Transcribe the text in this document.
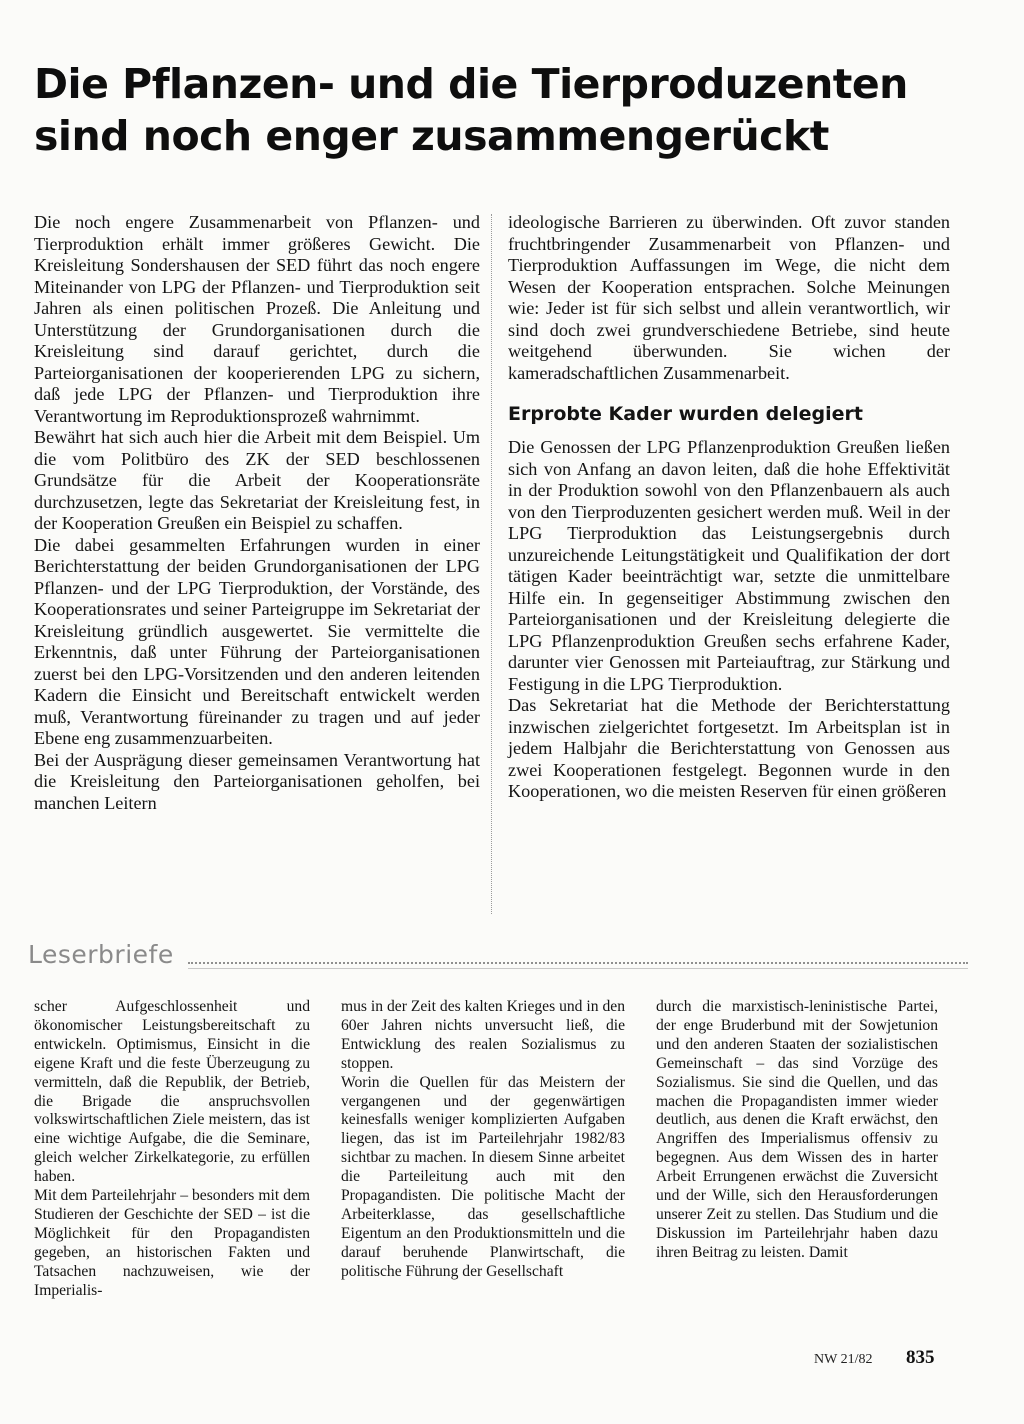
Die Pflanzen- und die Tierproduzenten
sind noch enger zusammengerückt

Die noch engere Zusammenarbeit von Pflanzen- und Tierproduktion erhält immer größeres Gewicht. Die Kreisleitung Sondershausen der SED führt das noch engere Miteinander von LPG der Pflanzen- und Tierproduktion seit Jahren als einen politischen Prozeß. Die Anleitung und Unterstützung der Grundorganisationen durch die Kreisleitung sind darauf gerichtet, durch die Parteiorganisationen der kooperierenden LPG zu sichern, daß jede LPG der Pflanzen- und Tierproduktion ihre Verantwortung im Reproduktionsprozeß wahrnimmt.

Bewährt hat sich auch hier die Arbeit mit dem Beispiel. Um die vom Politbüro des ZK der SED beschlossenen Grundsätze für die Arbeit der Kooperationsräte durchzusetzen, legte das Sekretariat der Kreisleitung fest, in der Kooperation Greußen ein Beispiel zu schaffen.

Die dabei gesammelten Erfahrungen wurden in einer Berichterstattung der beiden Grundorganisationen der LPG Pflanzen- und der LPG Tierproduktion, der Vorstände, des Kooperationsrates und seiner Parteigruppe im Sekretariat der Kreisleitung gründlich ausgewertet. Sie vermittelte die Erkenntnis, daß unter Führung der Parteiorganisationen zuerst bei den LPG-Vorsitzenden und den anderen leitenden Kadern die Einsicht und Bereitschaft entwickelt werden muß, Verantwortung füreinander zu tragen und auf jeder Ebene eng zusammenzuarbeiten.

Bei der Ausprägung dieser gemeinsamen Verantwortung hat die Kreisleitung den Parteiorganisationen geholfen, bei manchen Leitern

ideologische Barrieren zu überwinden. Oft zuvor standen fruchtbringender Zusammenarbeit von Pflanzen- und Tierproduktion Auffassungen im Wege, die nicht dem Wesen der Kooperation entsprachen. Solche Meinungen wie: Jeder ist für sich selbst und allein verantwortlich, wir sind doch zwei grundverschiedene Betriebe, sind heute weitgehend überwunden. Sie wichen der kameradschaftlichen Zusammenarbeit.

Erprobte Kader wurden delegiert

Die Genossen der LPG Pflanzenproduktion Greußen ließen sich von Anfang an davon leiten, daß die hohe Effektivität in der Produktion sowohl von den Pflanzenbauern als auch von den Tierproduzenten gesichert werden muß. Weil in der LPG Tierproduktion das Leistungsergebnis durch unzureichende Leitungstätigkeit und Qualifikation der dort tätigen Kader beeinträchtigt war, setzte die unmittelbare Hilfe ein. In gegenseitiger Abstimmung zwischen den Parteiorganisationen und der Kreisleitung delegierte die LPG Pflanzenproduktion Greußen sechs erfahrene Kader, darunter vier Genossen mit Parteiauftrag, zur Stärkung und Festigung in die LPG Tierproduktion.

Das Sekretariat hat die Methode der Berichterstattung inzwischen zielgerichtet fortgesetzt. Im Arbeitsplan ist in jedem Halbjahr die Berichterstattung von Genossen aus zwei Kooperationen festgelegt. Begonnen wurde in den Kooperationen, wo die meisten Reserven für einen größeren

Leserbriefe

scher Aufgeschlossenheit und ökonomischer Leistungsbereitschaft zu entwickeln. Optimismus, Einsicht in die eigene Kraft und die feste Überzeugung zu vermitteln, daß die Republik, der Betrieb, die Brigade die anspruchsvollen volkswirtschaftlichen Ziele meistern, das ist eine wichtige Aufgabe, die die Seminare, gleich welcher Zirkelkategorie, zu erfüllen haben.

Mit dem Parteilehrjahr – besonders mit dem Studieren der Geschichte der SED – ist die Möglichkeit für den Propagandisten gegeben, an historischen Fakten und Tatsachen nachzuweisen, wie der Imperialis-

mus in der Zeit des kalten Krieges und in den 60er Jahren nichts unversucht ließ, die Entwicklung des realen Sozialismus zu stoppen.

Worin die Quellen für das Meistern der vergangenen und der gegenwärtigen keinesfalls weniger komplizierten Aufgaben liegen, das ist im Parteilehrjahr 1982/83 sichtbar zu machen. In diesem Sinne arbeitet die Parteileitung auch mit den Propagandisten. Die politische Macht der Arbeiterklasse, das gesellschaftliche Eigentum an den Produktionsmitteln und die darauf beruhende Planwirtschaft, die politische Führung der Gesellschaft

durch die marxistisch-leninistische Partei, der enge Bruderbund mit der Sowjetunion und den anderen Staaten der sozialistischen Gemeinschaft – das sind Vorzüge des Sozialismus. Sie sind die Quellen, und das machen die Propagandisten immer wieder deutlich, aus denen die Kraft erwächst, den Angriffen des Imperialismus offensiv zu begegnen. Aus dem Wissen des in harter Arbeit Errungenen erwächst die Zuversicht und der Wille, sich den Herausforderungen unserer Zeit zu stellen. Das Studium und die Diskussion im Parteilehrjahr haben dazu ihren Beitrag zu leisten. Damit

NW 21/82 835
